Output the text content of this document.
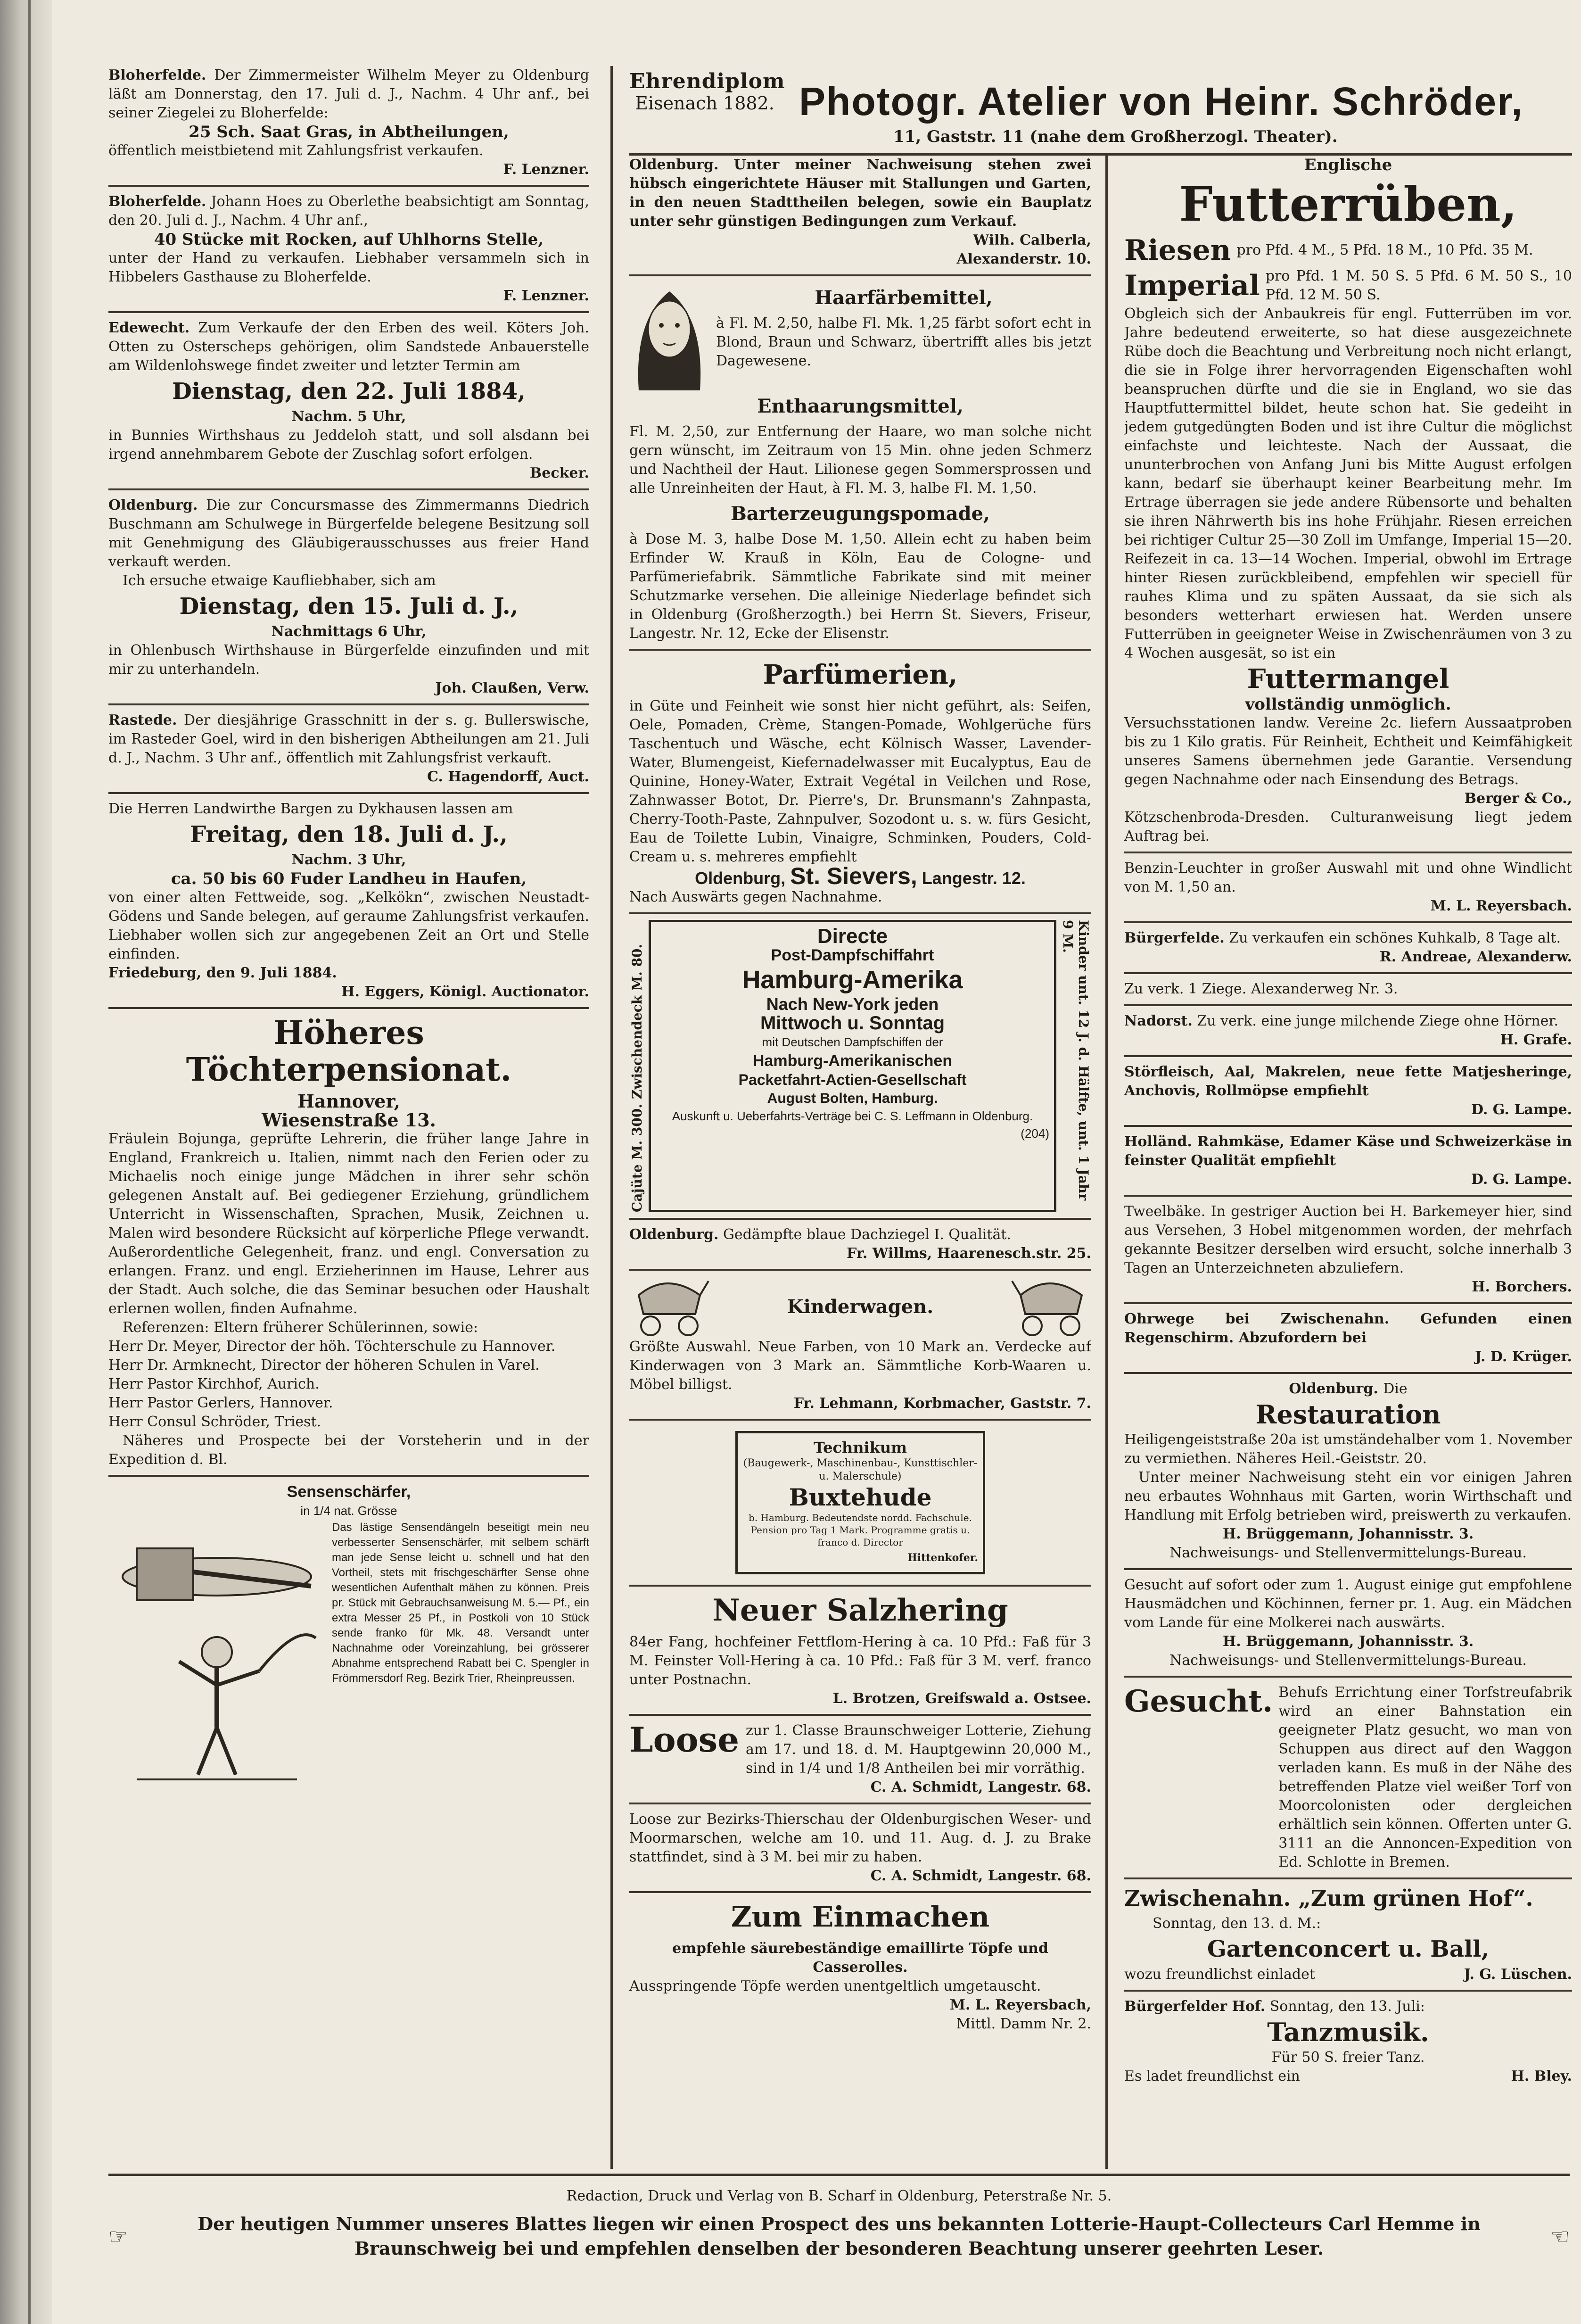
Bloherfelde. Der Zimmermeister Wilhelm Meyer zu Oldenburg läßt am Donnerstag, den 17. Juli d. J., Nachm. 4 Uhr anf., bei seiner Ziegelei zu Bloherfelde:

25 Sch. Saat Gras, in Abtheilungen,

öffentlich meistbietend mit Zahlungsfrist verkaufen.

F. Lenzner.

Bloherfelde. Johann Hoes zu Oberlethe beabsichtigt am Sonntag, den 20. Juli d. J., Nachm. 4 Uhr anf.,

40 Stücke mit Rocken, auf Uhlhorns Stelle,

unter der Hand zu verkaufen. Liebhaber versammeln sich in Hibbelers Gasthause zu Bloherfelde.

F. Lenzner.

Edewecht. Zum Verkaufe der den Erben des weil. Köters Joh. Otten zu Osterscheps gehörigen, olim Sandstede Anbauerstelle am Wildenlohswege findet zweiter und letzter Termin am

Dienstag, den 22. Juli 1884,

Nachm. 5 Uhr,

in Bunnies Wirthshaus zu Jeddeloh statt, und soll alsdann bei irgend annehmbarem Gebote der Zuschlag sofort erfolgen.

Becker.

Oldenburg. Die zur Concursmasse des Zimmermanns Diedrich Buschmann am Schulwege in Bürgerfelde belegene Besitzung soll mit Genehmigung des Gläubigerausschusses aus freier Hand verkauft werden.

Ich ersuche etwaige Kaufliebhaber, sich am

Dienstag, den 15. Juli d. J.,

Nachmittags 6 Uhr,

in Ohlenbusch Wirthshause in Bürgerfelde einzufinden und mit mir zu unterhandeln.

Joh. Claußen, Verw.

Rastede. Der diesjährige Grasschnitt in der s. g. Bullerswische, im Rasteder Goel, wird in den bisherigen Abtheilungen am 21. Juli d. J., Nachm. 3 Uhr anf., öffentlich mit Zahlungsfrist verkauft.

C. Hagendorff, Auct.

Die Herren Landwirthe Bargen zu Dykhausen lassen am

Freitag, den 18. Juli d. J.,

Nachm. 3 Uhr,

ca. 50 bis 60 Fuder Landheu in Haufen,

von einer alten Fettweide, sog. „Kelkökn“, zwischen Neustadt-Gödens und Sande belegen, auf geraume Zahlungsfrist verkaufen. Liebhaber wollen sich zur angegebenen Zeit an Ort und Stelle einfinden.

Friedeburg, den 9. Juli 1884.

H. Eggers, Königl. Auctionator.

Höheres Töchterpensionat.

Hannover,

Wiesenstraße 13.

Fräulein Bojunga, geprüfte Lehrerin, die früher lange Jahre in England, Frankreich u. Italien, nimmt nach den Ferien oder zu Michaelis noch einige junge Mädchen in ihrer sehr schön gelegenen Anstalt auf. Bei gediegener Erziehung, gründlichem Unterricht in Wissenschaften, Sprachen, Musik, Zeichnen u. Malen wird besondere Rücksicht auf körperliche Pflege verwandt. Außerordentliche Gelegenheit, franz. und engl. Conversation zu erlangen. Franz. und engl. Erzieherinnen im Hause, Lehrer aus der Stadt. Auch solche, die das Seminar besuchen oder Haushalt erlernen wollen, finden Aufnahme.

Referenzen: Eltern früherer Schülerinnen, sowie:

Herr Dr. Meyer, Director der höh. Töchterschule zu Hannover.

Herr Dr. Armknecht, Director der höheren Schulen in Varel.

Herr Pastor Kirchhof, Aurich.

Herr Pastor Gerlers, Hannover.

Herr Consul Schröder, Triest.

Näheres und Prospecte bei der Vorsteherin und in der Expedition d. Bl.

Sensenschärfer,

in 1/4 nat. Grösse

Das lästige Sensendängeln beseitigt mein neu verbesserter Sensenschärfer, mit selbem schärft man jede Sense leicht u. schnell und hat den Vortheil, stets mit frischgeschärfter Sense ohne wesentlichen Aufenthalt mähen zu können. Preis pr. Stück mit Gebrauchsanweisung M. 5.— Pf., ein extra Messer 25 Pf., in Postkoli von 10 Stück sende franko für Mk. 48. Versandt unter Nachnahme oder Voreinzahlung, bei grösserer Abnahme entsprechend Rabatt bei C. Spengler in Frömmersdorf Reg. Bezirk Trier, Rheinpreussen.

Ehrendiplom
Eisenach 1882. Photogr. Atelier von Heinr. Schröder,
11, Gaststr. 11 (nahe dem Großherzogl. Theater).

Oldenburg. Unter meiner Nachweisung stehen zwei hübsch eingerichtete Häuser mit Stallungen und Garten, in den neuen Stadttheilen belegen, sowie ein Bauplatz unter sehr günstigen Bedingungen zum Verkauf.

Wilh. Calberla,

Alexanderstr. 10.

Haarfärbemittel,

à Fl. M. 2,50, halbe Fl. Mk. 1,25 färbt sofort echt in Blond, Braun und Schwarz, übertrifft alles bis jetzt Dagewesene.

Enthaarungsmittel,

Fl. M. 2,50, zur Entfernung der Haare, wo man solche nicht gern wünscht, im Zeitraum von 15 Min. ohne jeden Schmerz und Nachtheil der Haut. Lilionese gegen Sommersprossen und alle Unreinheiten der Haut, à Fl. M. 3, halbe Fl. M. 1,50.

Barterzeugungspomade,

à Dose M. 3, halbe Dose M. 1,50. Allein echt zu haben beim Erfinder W. Krauß in Köln, Eau de Cologne- und Parfümeriefabrik. Sämmtliche Fabrikate sind mit meiner Schutzmarke versehen. Die alleinige Niederlage befindet sich in Oldenburg (Großherzogth.) bei Herrn St. Sievers, Friseur, Langestr. Nr. 12, Ecke der Elisenstr.

Parfümerien,

in Güte und Feinheit wie sonst hier nicht geführt, als: Seifen, Oele, Pomaden, Crème, Stangen-Pomade, Wohlgerüche fürs Taschentuch und Wäsche, echt Kölnisch Wasser, Lavender-Water, Blumengeist, Kiefernadelwasser mit Eucalyptus, Eau de Quinine, Honey-Water, Extrait Vegétal in Veilchen und Rose, Zahnwasser Botot, Dr. Pierre's, Dr. Brunsmann's Zahnpasta, Cherry-Tooth-Paste, Zahnpulver, Sozodont u. s. w. fürs Gesicht, Eau de Toilette Lubin, Vinaigre, Schminken, Pouders, Cold-Cream u. s. mehreres empfiehlt

Oldenburg, St. Sievers, Langestr. 12.

Nach Auswärts gegen Nachnahme.

Cajüte M. 300. Zwischendeck M. 80.

Directe

Post-Dampfschiffahrt

Hamburg-Amerika

Nach New-York jeden

Mittwoch u. Sonntag

mit Deutschen Dampfschiffen der

Hamburg-Amerikanischen

Packetfahrt-Actien-Gesellschaft

August Bolten, Hamburg.

Auskunft u. Ueberfahrts-Verträge bei C. S. Leffmann in Oldenburg.

(204)	Kinder unt. 12 J. d. Hälfte, unt. 1 Jahr 9 M.

Oldenburg. Gedämpfte blaue Dachziegel I. Qualität.

Fr. Willms, Haarenesch.str. 25.

Kinderwagen.

Größte Auswahl. Neue Farben, von 10 Mark an. Verdecke auf Kinderwagen von 3 Mark an. Sämmtliche Korb-Waaren u. Möbel billigst.

Fr. Lehmann, Korbmacher, Gaststr. 7.

Technikum

(Baugewerk-, Maschinenbau-, Kunsttischler- u. Malerschule)

Buxtehude

b. Hamburg. Bedeutendste nordd. Fachschule. Pension pro Tag 1 Mark. Programme gratis u. franco d. Director

Hittenkofer.

Neuer Salzhering

84er Fang, hochfeiner Fettflom-Hering à ca. 10 Pfd.: Faß für 3 M. Feinster Voll-Hering à ca. 10 Pfd.: Faß für 3 M. verf. franco unter Postnachn.

L. Brotzen, Greifswald a. Ostsee.

Loose zur 1. Classe Braunschweiger Lotterie, Ziehung am 17. und 18. d. M. Hauptgewinn 20,000 M., sind in 1/4 und 1/8 Antheilen bei mir vorräthig.

C. A. Schmidt, Langestr. 68.

Loose zur Bezirks-Thierschau der Oldenburgischen Weser- und Moormarschen, welche am 10. und 11. Aug. d. J. zu Brake stattfindet, sind à 3 M. bei mir zu haben.

C. A. Schmidt, Langestr. 68.

Zum Einmachen

empfehle säurebeständige emaillirte Töpfe und Casserolles.

Ausspringende Töpfe werden unentgeltlich umgetauscht.

M. L. Reyersbach,

Mittl. Damm Nr. 2.

Englische

Futterrüben,

Riesen pro Pfd. 4 M., 5 Pfd. 18 M., 10 Pfd. 35 M.
Imperial pro Pfd. 1 M. 50 S. 5 Pfd. 6 M. 50 S., 10 Pfd. 12 M. 50 S.

Obgleich sich der Anbaukreis für engl. Futterrüben im vor. Jahre bedeutend erweiterte, so hat diese ausgezeichnete Rübe doch die Beachtung und Verbreitung noch nicht erlangt, die sie in Folge ihrer hervorragenden Eigenschaften wohl beanspruchen dürfte und die sie in England, wo sie das Hauptfuttermittel bildet, heute schon hat. Sie gedeiht in jedem gutgedüngten Boden und ist ihre Cultur die möglichst einfachste und leichteste. Nach der Aussaat, die ununterbrochen von Anfang Juni bis Mitte August erfolgen kann, bedarf sie überhaupt keiner Bearbeitung mehr. Im Ertrage überragen sie jede andere Rübensorte und behalten sie ihren Nährwerth bis ins hohe Frühjahr. Riesen erreichen bei richtiger Cultur 25—30 Zoll im Umfange, Imperial 15—20. Reifezeit in ca. 13—14 Wochen. Imperial, obwohl im Ertrage hinter Riesen zurückbleibend, empfehlen wir speciell für rauhes Klima und zu späten Aussaat, da sie sich als besonders wetterhart erwiesen hat. Werden unsere Futterrüben in geeigneter Weise in Zwischenräumen von 3 zu 4 Wochen ausgesät, so ist ein

Futtermangel

vollständig unmöglich.

Versuchsstationen landw. Vereine 2c. liefern Aussaatproben bis zu 1 Kilo gratis. Für Reinheit, Echtheit und Keimfähigkeit unseres Samens übernehmen jede Garantie. Versendung gegen Nachnahme oder nach Einsendung des Betrags.

Berger & Co.,

Kötzschenbroda-Dresden. Culturanweisung liegt jedem Auftrag bei.

Benzin-Leuchter in großer Auswahl mit und ohne Windlicht von M. 1,50 an.

M. L. Reyersbach.

Bürgerfelde. Zu verkaufen ein schönes Kuhkalb, 8 Tage alt.

R. Andreae, Alexanderw.

Zu verk. 1 Ziege. Alexanderweg Nr. 3.

Nadorst. Zu verk. eine junge milchende Ziege ohne Hörner.

H. Grafe.

Störfleisch, Aal, Makrelen, neue fette Matjesheringe, Anchovis, Rollmöpse empfiehlt

D. G. Lampe.

Holländ. Rahmkäse, Edamer Käse und Schweizerkäse in feinster Qualität empfiehlt

D. G. Lampe.

Tweelbäke. In gestriger Auction bei H. Barkemeyer hier, sind aus Versehen, 3 Hobel mitgenommen worden, der mehrfach gekannte Besitzer derselben wird ersucht, solche innerhalb 3 Tagen an Unterzeichneten abzuliefern.

H. Borchers.

Ohrwege bei Zwischenahn. Gefunden einen Regenschirm. Abzufordern bei

J. D. Krüger.

Oldenburg. Die

Restauration

Heiligengeiststraße 20a ist umständehalber vom 1. November zu vermiethen. Näheres Heil.-Geiststr. 20.

Unter meiner Nachweisung steht ein vor einigen Jahren neu erbautes Wohnhaus mit Garten, worin Wirthschaft und Handlung mit Erfolg betrieben wird, preiswerth zu verkaufen.

H. Brüggemann, Johannisstr. 3.

Nachweisungs- und Stellenvermittelungs-Bureau.

Gesucht auf sofort oder zum 1. August einige gut empfohlene Hausmädchen und Köchinnen, ferner pr. 1. Aug. ein Mädchen vom Lande für eine Molkerei nach auswärts.

H. Brüggemann, Johannisstr. 3.

Nachweisungs- und Stellenvermittelungs-Bureau.

Gesucht. Behufs Errichtung einer Torfstreufabrik wird an einer Bahnstation ein geeigneter Platz gesucht, wo man von Schuppen aus direct auf den Waggon verladen kann. Es muß in der Nähe des betreffenden Platze viel weißer Torf von Moorcolonisten oder dergleichen erhältlich sein können. Offerten unter G. 3111 an die Annoncen-Expedition von Ed. Schlotte in Bremen.

Zwischenahn. „Zum grünen Hof“.

Sonntag, den 13. d. M.:

Gartenconcert u. Ball,

wozu freundlichst einladet	J. G. Lüschen.

Bürgerfelder Hof. Sonntag, den 13. Juli:

Tanzmusik.

Für 50 S. freier Tanz.

Es ladet freundlichst ein	H. Bley.

Redaction, Druck und Verlag von B. Scharf in Oldenburg, Peterstraße Nr. 5.

☞	Der heutigen Nummer unseres Blattes liegen wir einen Prospect des uns bekannten Lotterie-Haupt-Collecteurs Carl Hemme in Braunschweig bei und empfehlen denselben der besonderen Beachtung unserer geehrten Leser.	☜
